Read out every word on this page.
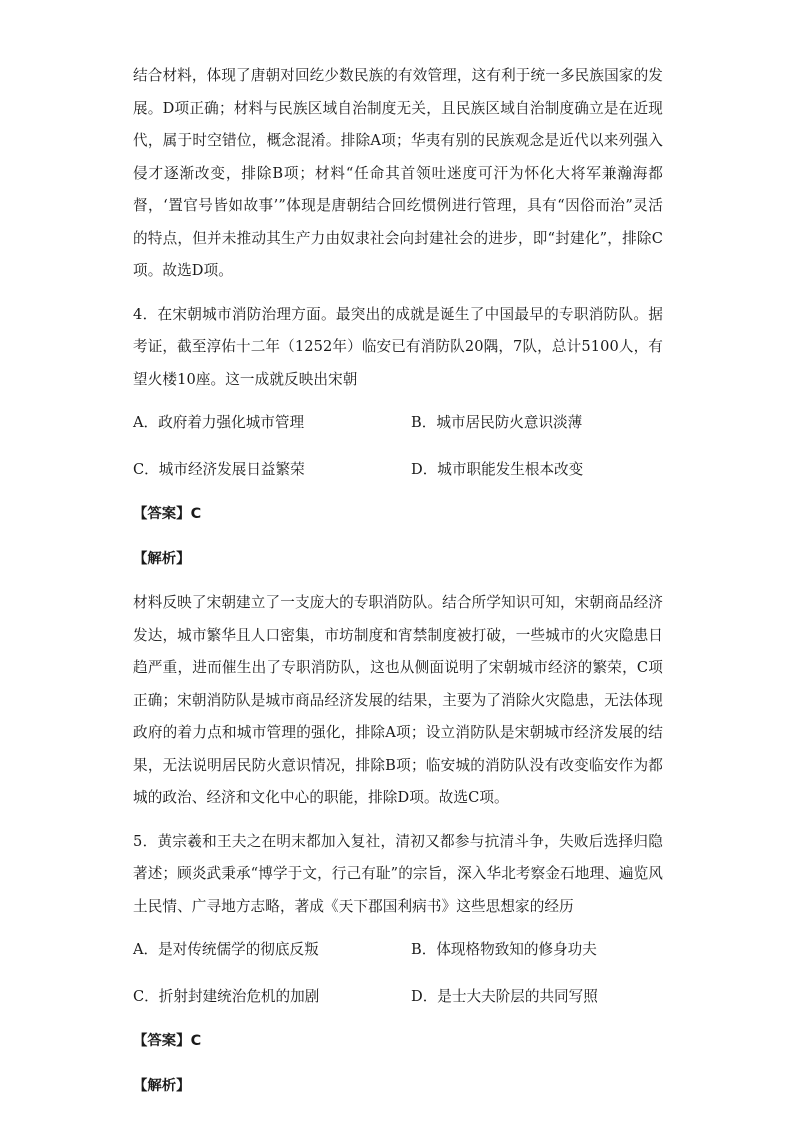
结合材料，体现了唐朝对回纥少数民族的有效管理，这有利于统一多民族国家的发展。D项正确；材料与民族区域自治制度无关，且民族区域自治制度确立是在近现代，属于时空错位，概念混淆。排除A项；华夷有别的民族观念是近代以来列强入侵才逐渐改变，排除B项；材料“任命其首领吐迷度可汗为怀化大将军兼瀚海都督，‘置官号皆如故事’”体现是唐朝结合回纥惯例进行管理，具有“因俗而治”灵活的特点，但并未推动其生产力由奴隶社会向封建社会的进步，即“封建化”，排除C项。故选D项。

4．在宋朝城市消防治理方面。最突出的成就是诞生了中国最早的专职消防队。据考证，截至淳佑十二年（1252年）临安已有消防队20隅，7队，总计5100人，有望火楼10座。这一成就反映出宋朝

A．政府着力强化城市管理	B．城市居民防火意识淡薄
C．城市经济发展日益繁荣	D．城市职能发生根本改变
【答案】C
【解析】

材料反映了宋朝建立了一支庞大的专职消防队。结合所学知识可知，宋朝商品经济发达，城市繁华且人口密集，市坊制度和宵禁制度被打破，一些城市的火灾隐患日趋严重，进而催生出了专职消防队，这也从侧面说明了宋朝城市经济的繁荣，C项正确；宋朝消防队是城市商品经济发展的结果，主要为了消除火灾隐患，无法体现政府的着力点和城市管理的强化，排除A项；设立消防队是宋朝城市经济发展的结果，无法说明居民防火意识情况，排除B项；临安城的消防队没有改变临安作为都城的政治、经济和文化中心的职能，排除D项。故选C项。

5．黄宗羲和王夫之在明末都加入复社，清初又都参与抗清斗争，失败后选择归隐著述；顾炎武秉承“博学于文，行己有耻”的宗旨，深入华北考察金石地理、遍览风土民情、广寻地方志略，著成《天下郡国利病书》这些思想家的经历

A．是对传统儒学的彻底反叛	B．体现格物致知的修身功夫
C．折射封建统治危机的加剧	D．是士大夫阶层的共同写照
【答案】C
【解析】
